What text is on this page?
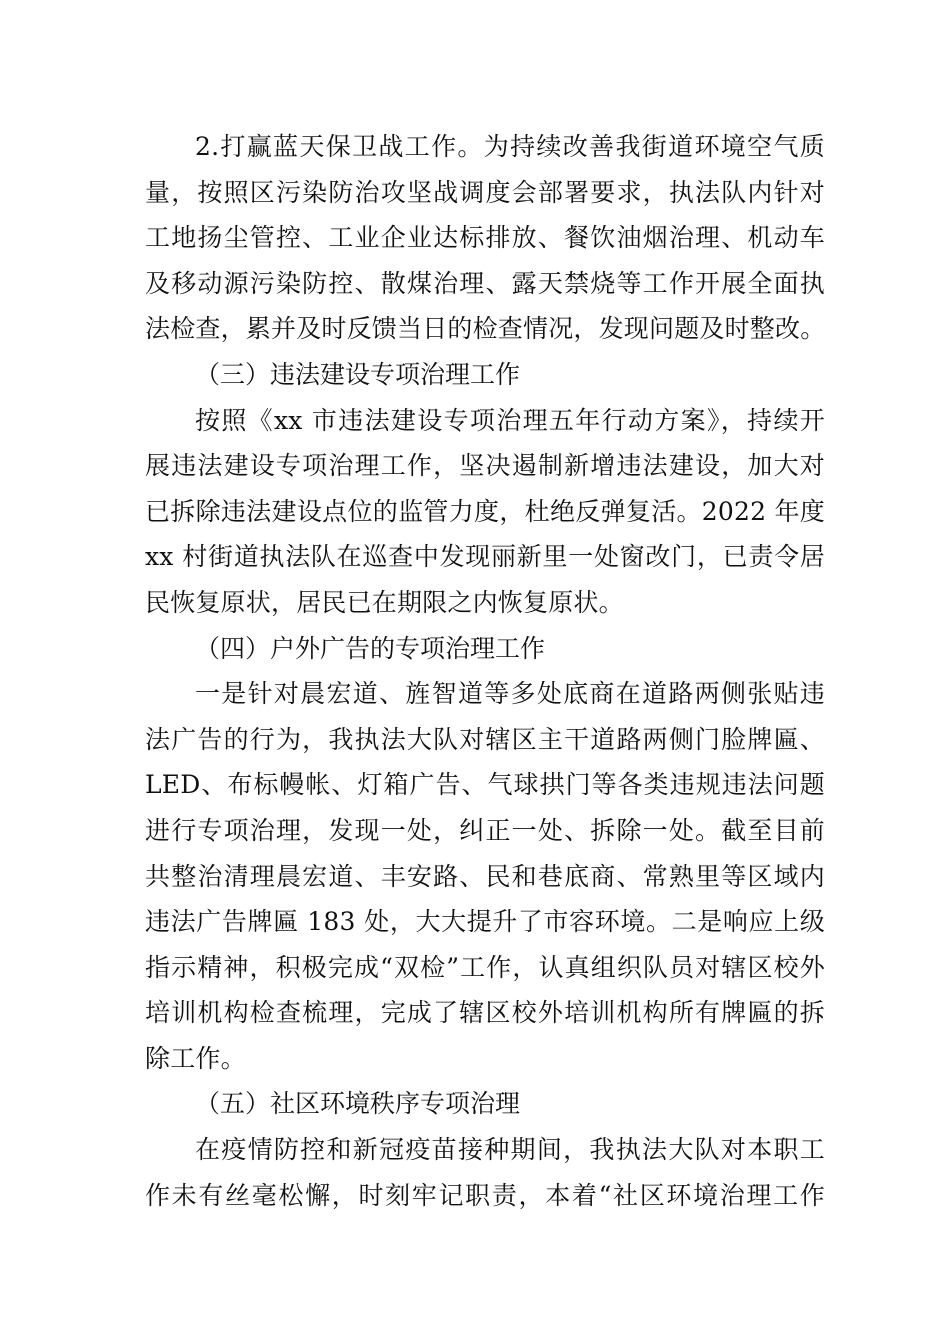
2.打赢蓝天保卫战工作。为持续改善我街道环境空气质
量，按照区污染防治攻坚战调度会部署要求，执法队内针对
工地扬尘管控、工业企业达标排放、餐饮油烟治理、机动车
及移动源污染防控、散煤治理、露天禁烧等工作开展全面执
法检查，累并及时反馈当日的检查情况，发现问题及时整改。
（三）违法建设专项治理工作
按照《xx 市违法建设专项治理五年行动方案》，持续开
展违法建设专项治理工作，坚决遏制新增违法建设，加大对
已拆除违法建设点位的监管力度，杜绝反弹复活。2022 年度
xx 村街道执法队在巡查中发现丽新里一处窗改门，已责令居
民恢复原状，居民已在期限之内恢复原状。
（四）户外广告的专项治理工作
一是针对晨宏道、旌智道等多处底商在道路两侧张贴违
法广告的行为，我执法大队对辖区主干道路两侧门脸牌匾、
LED、布标幔帐、灯箱广告、气球拱门等各类违规违法问题
进行专项治理，发现一处，纠正一处、拆除一处。截至目前
共整治清理晨宏道、丰安路、民和巷底商、常熟里等区域内
违法广告牌匾 183 处，大大提升了市容环境。二是响应上级
指示精神，积极完成“双检”工作，认真组织队员对辖区校外
培训机构检查梳理，完成了辖区校外培训机构所有牌匾的拆
除工作。
（五）社区环境秩序专项治理
在疫情防控和新冠疫苗接种期间，我执法大队对本职工
作未有丝毫松懈，时刻牢记职责，本着“社区环境治理工作
